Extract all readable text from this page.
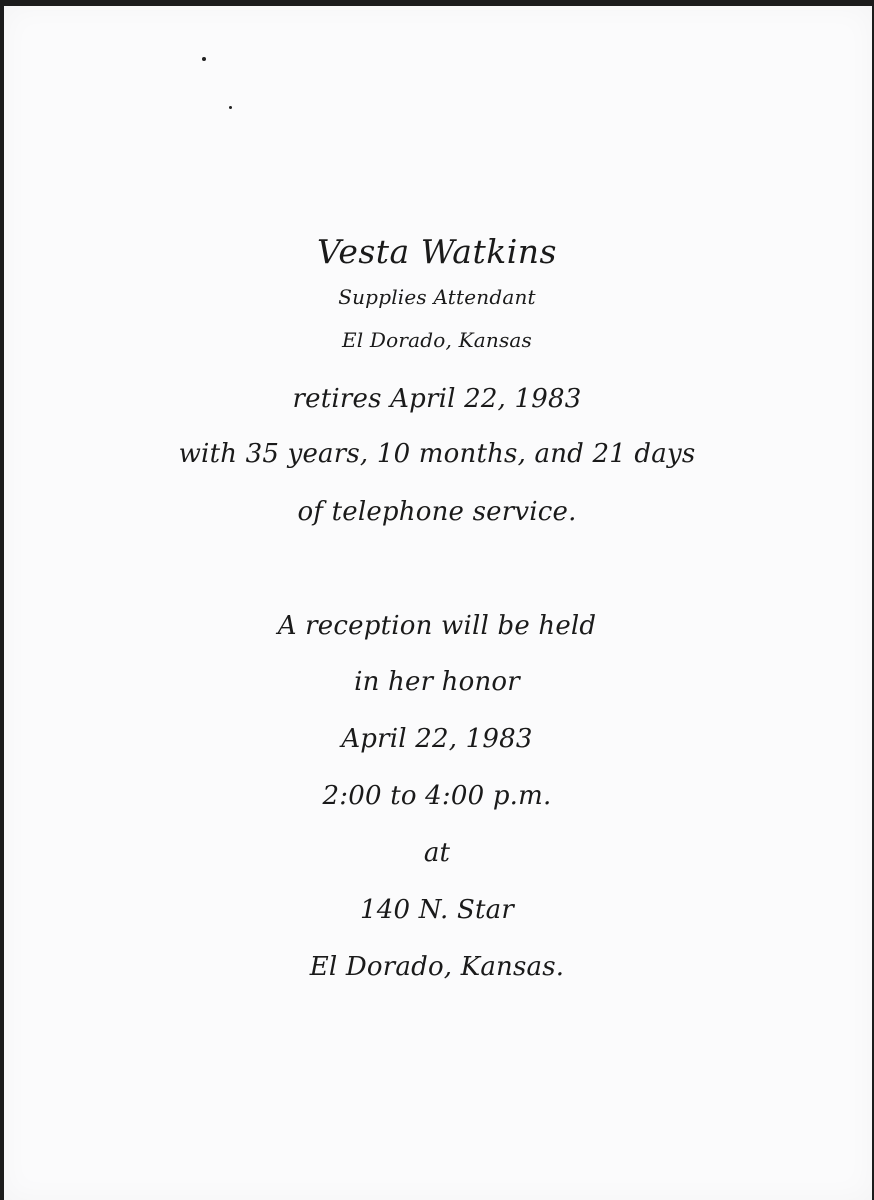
Vesta Watkins
Supplies Attendant
El Dorado, Kansas
retires April 22, 1983
with 35 years, 10 months, and 21 days
of telephone service.
A reception will be held
in her honor
April 22, 1983
2:00 to 4:00 p.m.
at
140 N. Star
El Dorado, Kansas.
